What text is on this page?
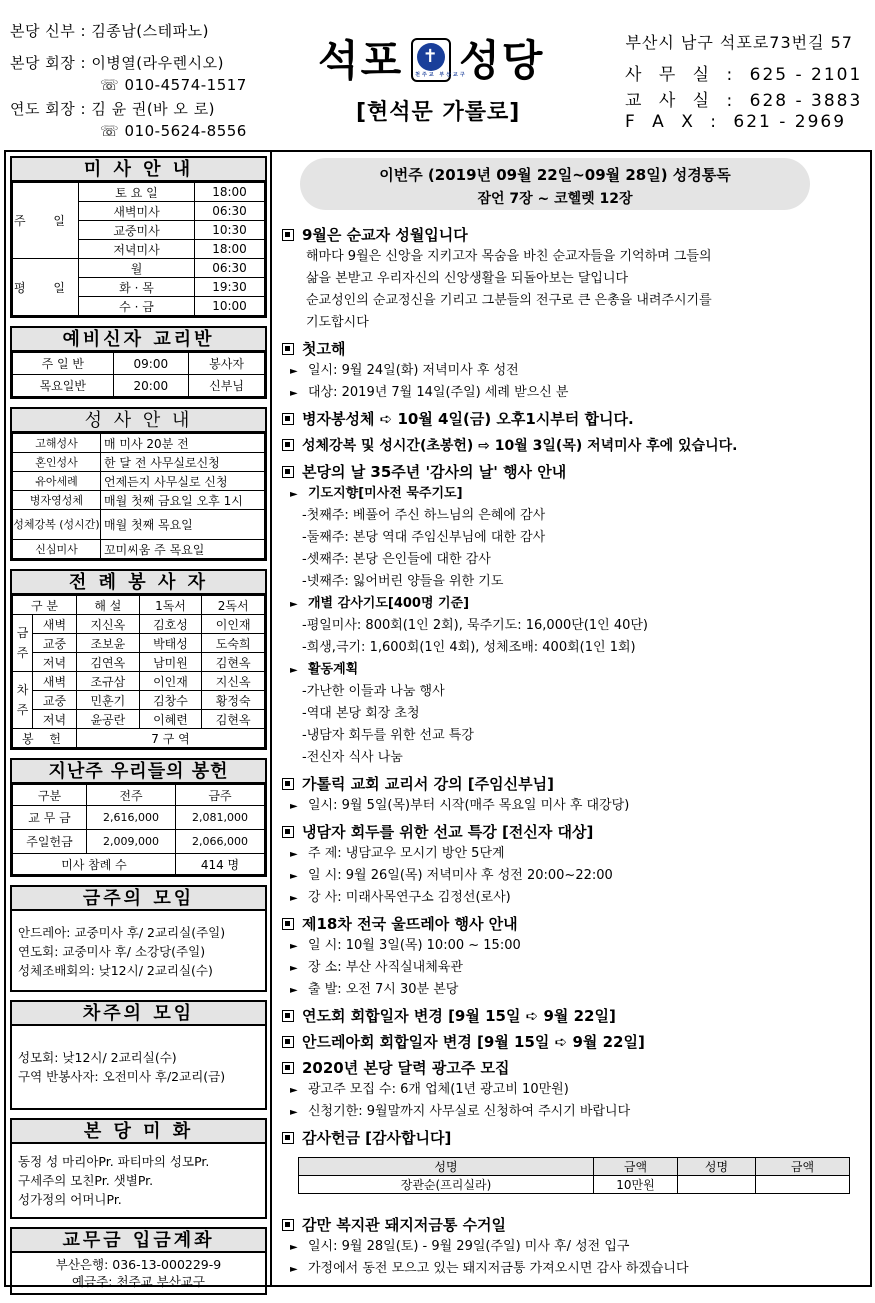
본당 신부 : 김종남(스테파노)
본당 회장 : 이병열(라우렌시오)
☏ 010-4574-1517
연도 회장 : 김 윤 권(바 오 로)
☏ 010-5624-8556
석포	✝
천주교 부산교구
성당
[현석문 가롤로]
부산시 남구 석포로73번길 57
사 무 실 : 625 - 2101
교 사 실 : 628 - 3883
F A X : 621 - 2969
미 사 안 내
주 일	토 요 일	18:00
	새벽미사	06:30
	교중미사	10:30
	저녁미사	18:00
평 일	월	06:30
	화 · 목	19:30
	수 · 금	10:00
예비신자 교리반
주 일 반	09:00	봉사자
목요일반	20:00	신부님
성 사 안 내
고해성사	매 미사 20분 전
혼인성사	한 달 전 사무실로신청
유아세례	언제든지 사무실로 신청
병자영성체	매월 첫째 금요일 오후 1시
성체강복 (성시간)	매월 첫째 목요일
신심미사	꼬미씨움 주 목요일
전 례 봉 사 자
구 분		해 설	1독서	2독서
금주	새벽	지신옥	김호성	이인재
	교중	조보윤	박태성	도숙희
	저녁	김연옥	남미원	김현옥
차주	새벽	조규삼	이인재	지신옥
	교중	민훈기	김창수	황정숙
	저녁	윤공란	이혜련	김현옥
봉 헌		7 구 역		
지난주 우리들의 봉헌
구분	전주	금주
교 무 금	2,616,000	2,081,000
주일헌금	2,009,000	2,066,000
미사 참례 수		414 명
금주의 모임
안드레아: 교중미사 후/ 2교리실(주일)
연도회: 교중미사 후/ 소강당(주일)
성체조배회의: 낮12시/ 2교리실(수)
차주의 모임
성모회: 낮12시/ 2교리실(수)
구역 반봉사자: 오전미사 후/2교리(금)
본 당 미 화
동정 성 마리아Pr. 파티마의 성모Pr.
구세주의 모친Pr. 샛별Pr.
성가정의 어머니Pr.
교무금 입금계좌
부산은행: 036-13-000229-9
예금주: 천주교 부산교구
이번주 (2019년 09월 22일~09월 28일) 성경통독
잠언 7장 ~ 코헬렛 12장
9월은 순교자 성월입니다
해마다 9월은 신앙을 지키고자 목숨을 바친 순교자들을 기억하며 그들의
삶을 본받고 우리자신의 신앙생활을 되돌아보는 달입니다
순교성인의 순교정신을 기리고 그분들의 전구로 큰 은총을 내려주시기를
기도합시다
첫고해
► 일시: 9월 24일(화) 저녁미사 후 성전
► 대상: 2019년 7월 14일(주일) 세례 받으신 분
병자봉성체 ➪ 10월 4일(금) 오후1시부터 합니다.
성체강복 및 성시간(초봉헌) ⇨ 10월 3일(목) 저녁미사 후에 있습니다.
본당의 날 35주년 '감사의 날' 행사 안내
► 기도지향[미사전 묵주기도]
-첫째주: 베풀어 주신 하느님의 은혜에 감사
-둘째주: 본당 역대 주임신부님에 대한 감사
-셋째주: 본당 은인들에 대한 감사
-넷째주: 잃어버린 양들을 위한 기도
► 개별 감사기도[400명 기준]
-평일미사: 800회(1인 2회), 묵주기도: 16,000단(1인 40단)
-희생,극기: 1,600회(1인 4회), 성체조배: 400회(1인 1회)
► 활동계획
-가난한 이들과 나눔 행사
-역대 본당 회장 초청
-냉담자 회두를 위한 선교 특강
-전신자 식사 나눔
가톨릭 교회 교리서 강의 [주임신부님]
► 일시: 9월 5일(목)부터 시작(매주 목요일 미사 후 대강당)
냉담자 회두를 위한 선교 특강 [전신자 대상]
► 주 제: 냉담교우 모시기 방안 5단계
► 일 시: 9월 26일(목) 저녁미사 후 성전 20:00~22:00
► 강 사: 미래사목연구소 김정선(로사)
제18차 전국 울뜨레아 행사 안내
► 일 시: 10월 3일(목) 10:00 ~ 15:00
► 장 소: 부산 사직실내체육관
► 출 발: 오전 7시 30분 본당
연도회 회합일자 변경 [9월 15일 ➪ 9월 22일]
안드레아회 회합일자 변경 [9월 15일 ➪ 9월 22일]
2020년 본당 달력 광고주 모집
► 광고주 모집 수: 6개 업체(1년 광고비 10만원)
► 신청기한: 9월말까지 사무실로 신청하여 주시기 바랍니다
감사헌금 [감사합니다]
성명	금액	성명	금액
장관순(프리실라)	10만원		
감만 복지관 돼지저금통 수거일
► 일시: 9월 28일(토) - 9월 29일(주일) 미사 후/ 성전 입구
► 가정에서 동전 모으고 있는 돼지저금통 가져오시면 감사 하겠습니다
